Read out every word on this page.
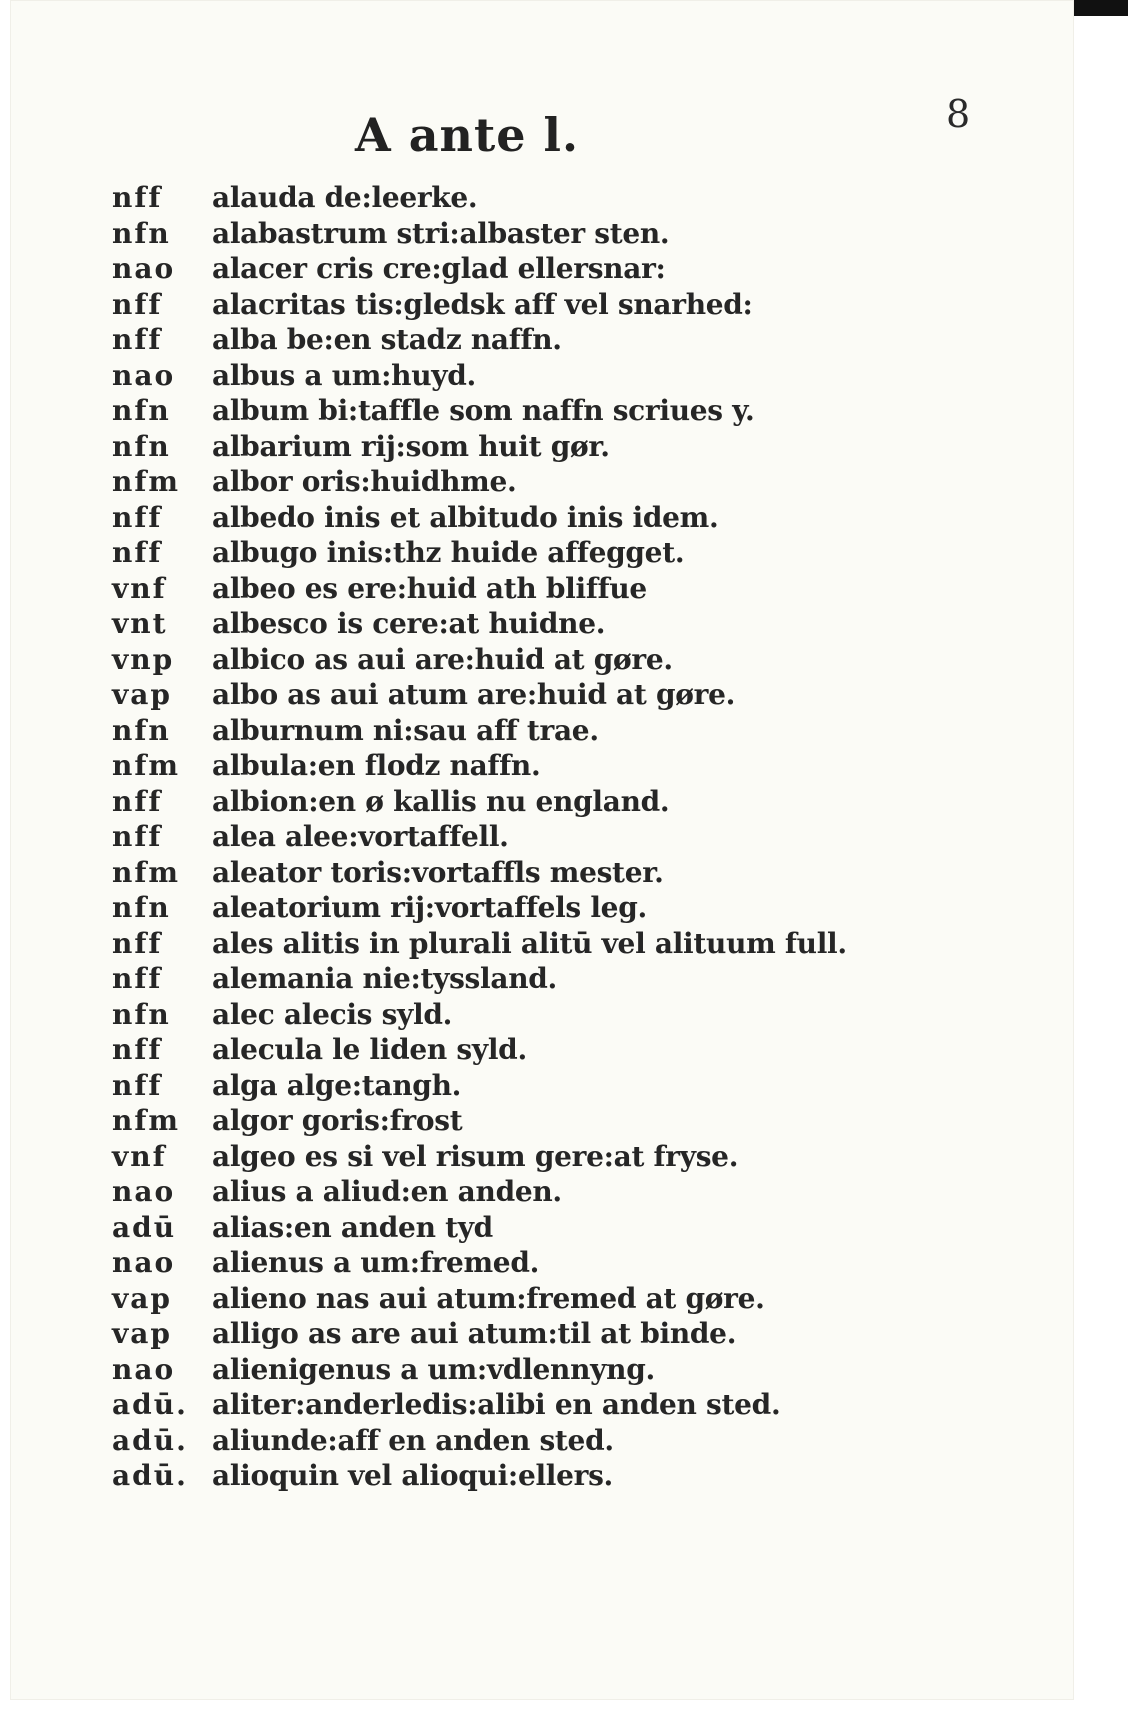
8
A ante l.
nff	alauda de:leerke.
nfn	alabastrum stri:albaster sten.
nao	alacer cris cre:glad ellersnar:
nff	alacritas tis:gledsk aff vel snarhed:
nff	alba be:en stadz naffn.
nao	albus a um:huyd.
nfn	album bi:taffle som naffn scriues y.
nfn	albarium rij:som huit gør.
nfm	albor oris:huidhme.
nff	albedo inis et albitudo inis idem.
nff	albugo inis:thz huide affegget.
vnf	albeo es ere:huid ath bliffue
vnt	albesco is cere:at huidne.
vnp	albico as aui are:huid at gøre.
vap	albo as aui atum are:huid at gøre.
nfn	alburnum ni:sau aff trae.
nfm	albula:en flodz naffn.
nff	albion:en ø kallis nu england.
nff	alea alee:vortaffell.
nfm	aleator toris:vortaffls mester.
nfn	aleatorium rij:vortaffels leg.
nff	ales alitis in plurali alitū vel alituum full.
nff	alemania nie:tyssland.
nfn	alec alecis syld.
nff	alecula le liden syld.
nff	alga alge:tangh.
nfm	algor goris:frost
vnf	algeo es si vel risum gere:at fryse.
nao	alius a aliud:en anden.
adū	alias:en anden tyd
nao	alienus a um:fremed.
vap	alieno nas aui atum:fremed at gøre.
vap	alligo as are aui atum:til at binde.
nao	alienigenus a um:vdlennyng.
adū. aliter:anderledis:alibi en anden sted.
adū. aliunde:aff en anden sted.
adū. alioquin vel alioqui:ellers.
